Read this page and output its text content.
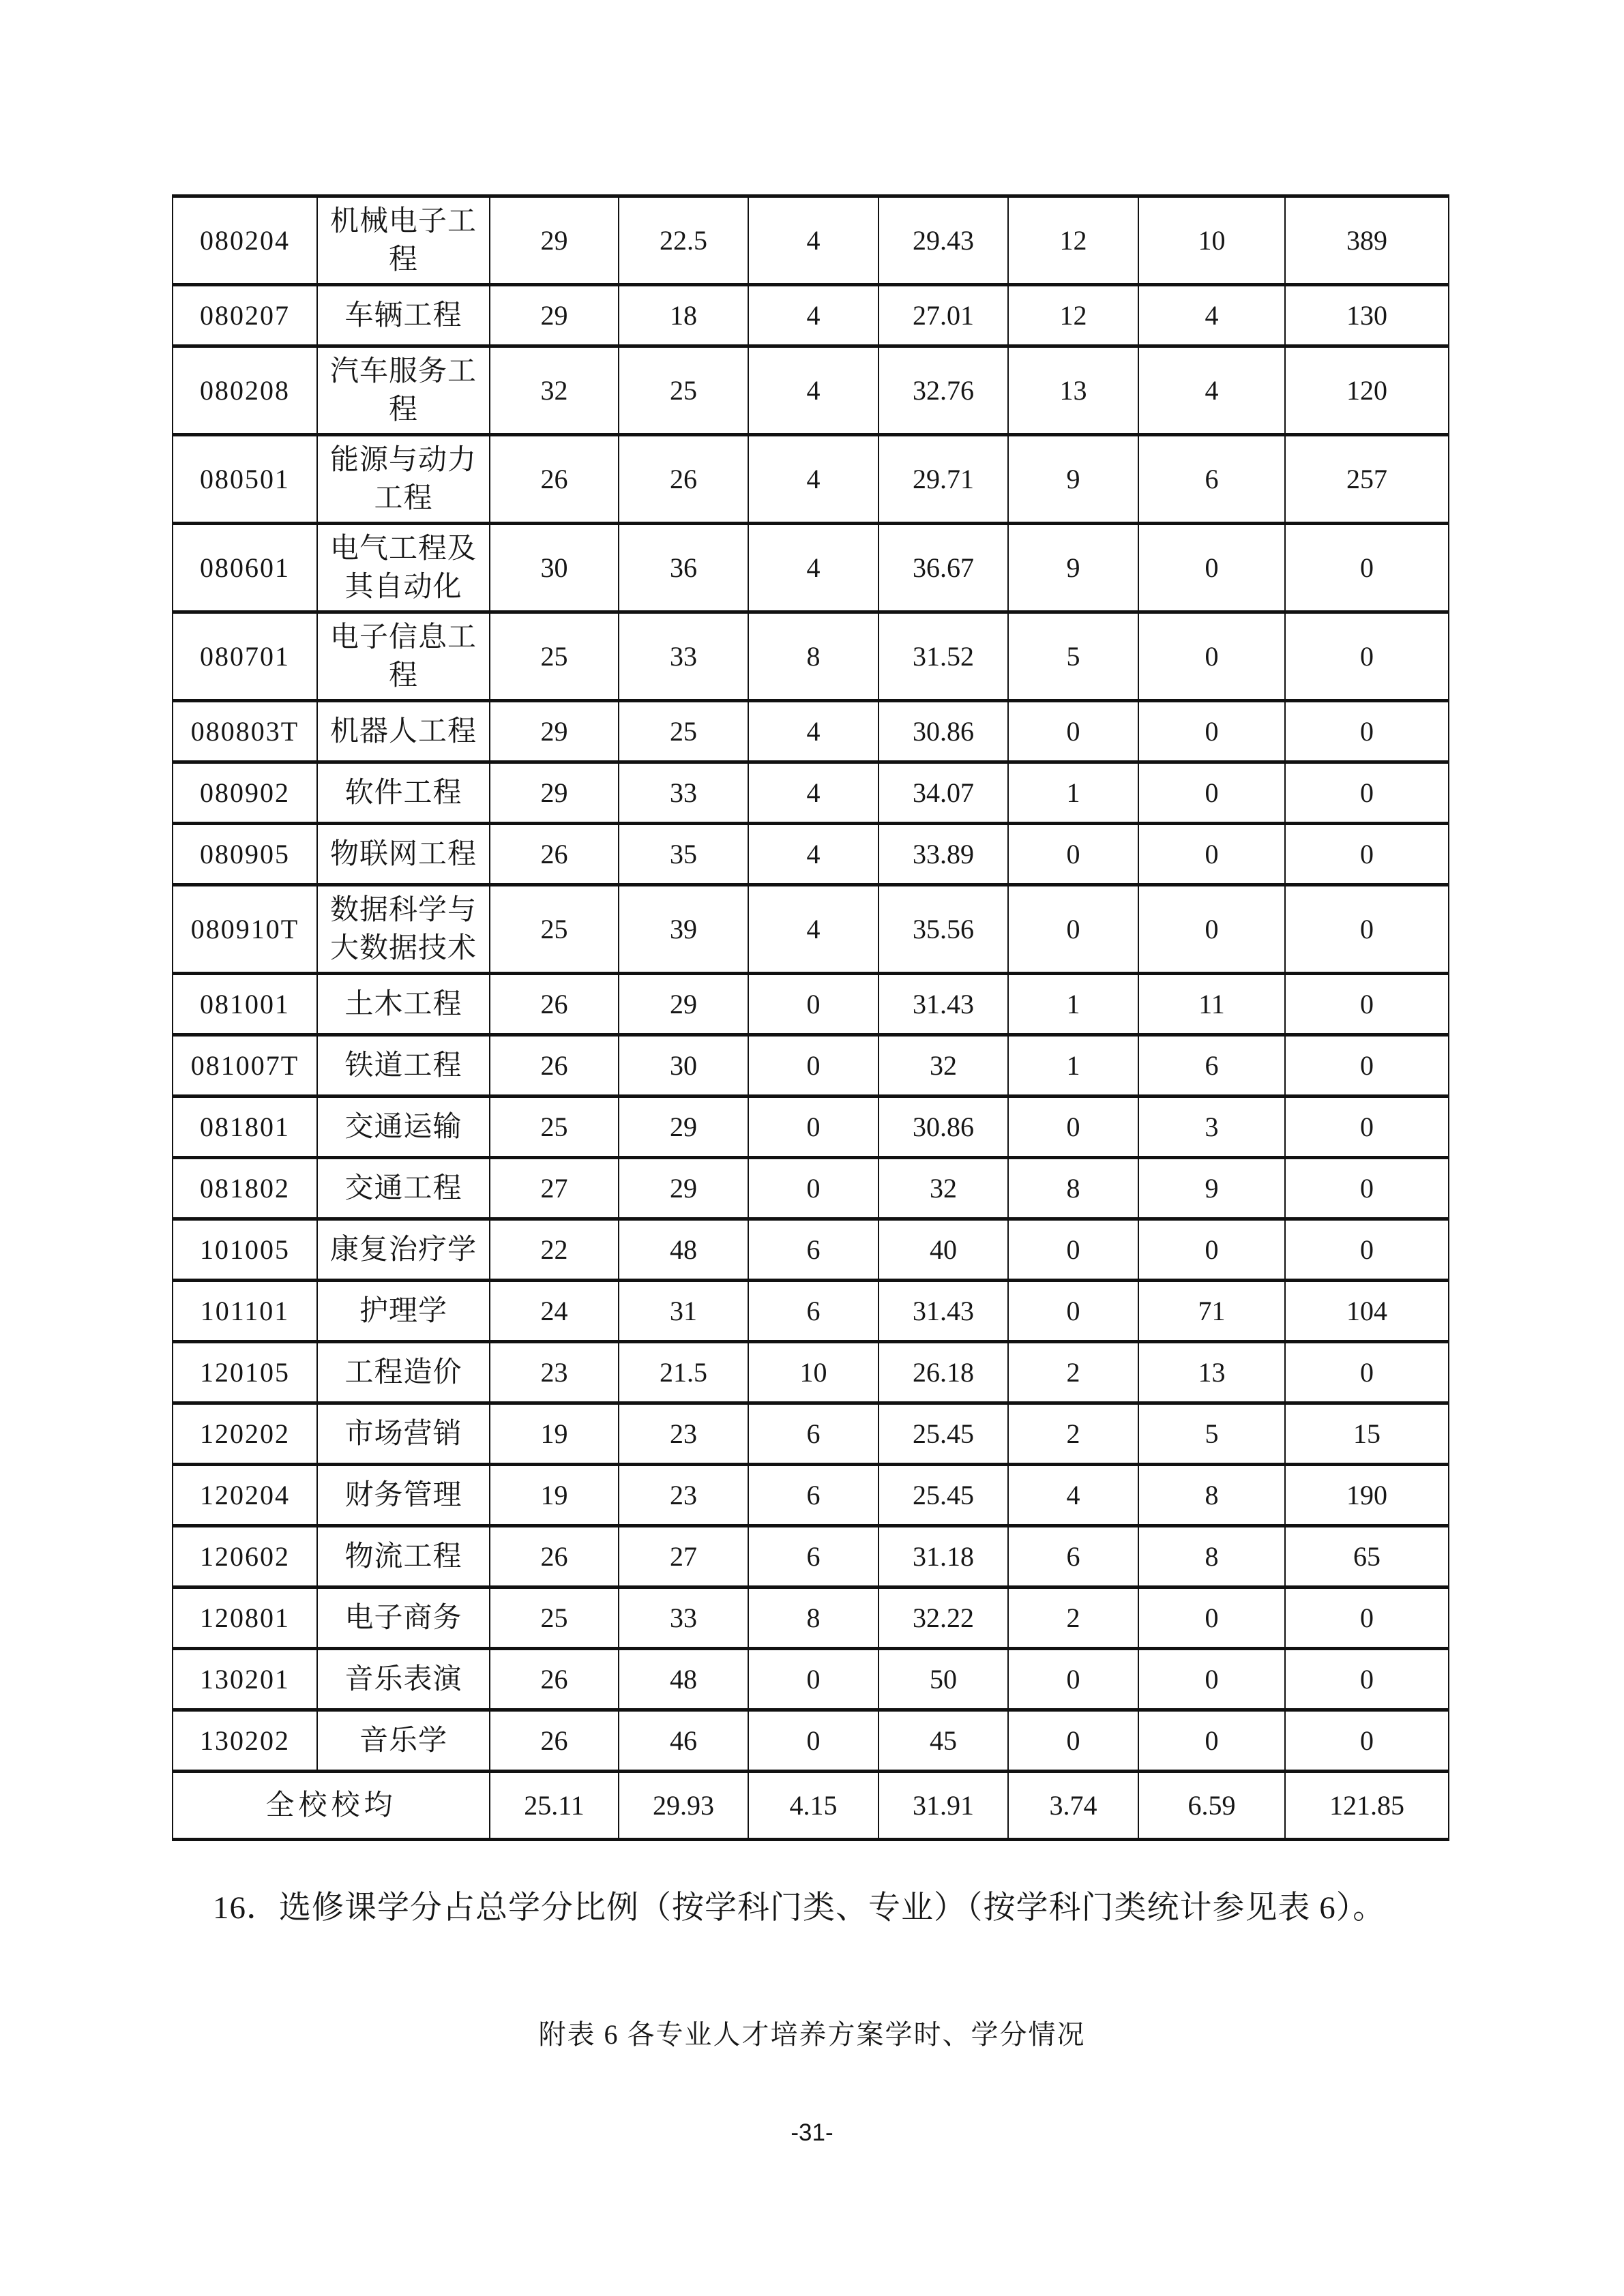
080204	机械电子工程	29	22.5	4	29.43	12	10	389
080207	车辆工程	29	18	4	27.01	12	4	130
080208	汽车服务工程	32	25	4	32.76	13	4	120
080501	能源与动力工程	26	26	4	29.71	9	6	257
080601	电气工程及其自动化	30	36	4	36.67	9	0	0
080701	电子信息工程	25	33	8	31.52	5	0	0
080803T	机器人工程	29	25	4	30.86	0	0	0
080902	软件工程	29	33	4	34.07	1	0	0
080905	物联网工程	26	35	4	33.89	0	0	0
080910T	数据科学与大数据技术	25	39	4	35.56	0	0	0
081001	土木工程	26	29	0	31.43	1	11	0
081007T	铁道工程	26	30	0	32	1	6	0
081801	交通运输	25	29	0	30.86	0	3	0
081802	交通工程	27	29	0	32	8	9	0
101005	康复治疗学	22	48	6	40	0	0	0
101101	护理学	24	31	6	31.43	0	71	104
120105	工程造价	23	21.5	10	26.18	2	13	0
120202	市场营销	19	23	6	25.45	2	5	15
120204	财务管理	19	23	6	25.45	4	8	190
120602	物流工程	26	27	6	31.18	6	8	65
120801	电子商务	25	33	8	32.22	2	0	0
130201	音乐表演	26	48	0	50	0	0	0
130202	音乐学	26	46	0	45	0	0	0
全校校均		25.11	29.93	4.15	31.91	3.74	6.59	121.85

16．选修课学分占总学分比例（按学科门类、专业）（按学科门类统计参见表 6）。

附表 6 各专业人才培养方案学时、学分情况

-31-
